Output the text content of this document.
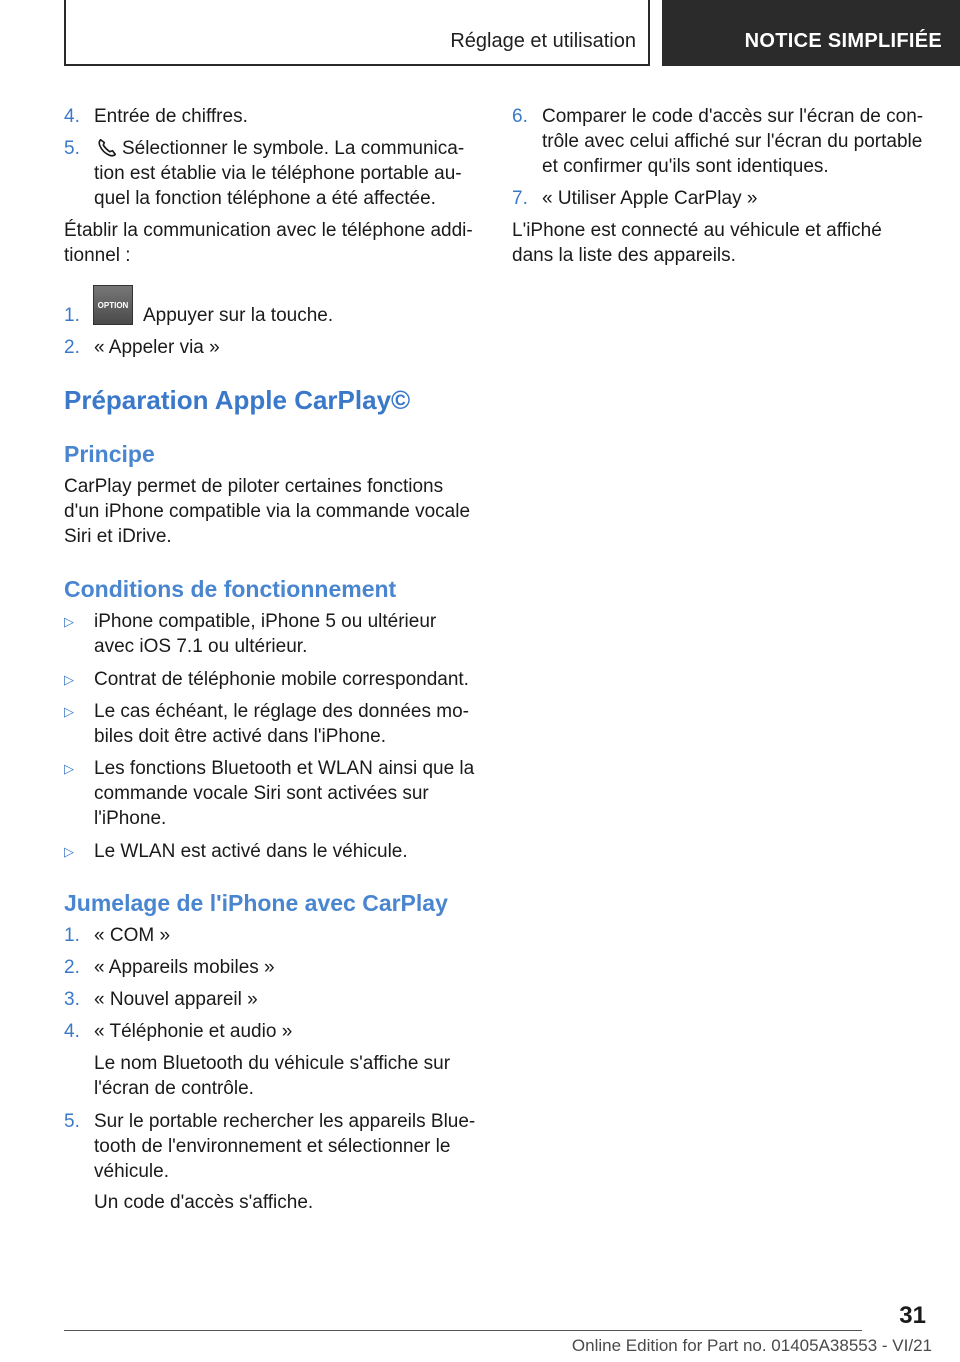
Réglage et utilisation	NOTICE SIMPLIFIÉE
4. Entrée de chiffres.
5. Sélectionner le symbole. La communica-
tion est établie via le téléphone portable au-
quel la fonction téléphone a été affectée.
Établir la communication avec le téléphone addi-
tionnel :
1.	OPTION Appuyer sur la touche.
2. « Appeler via »
Préparation Apple CarPlay©
Principe
CarPlay permet de piloter certaines fonctions
d'un iPhone compatible via la commande vocale
Siri et iDrive.
Conditions de fonctionnement
▷ iPhone compatible, iPhone 5 ou ultérieur
avec iOS 7.1 ou ultérieur.
▷ Contrat de téléphonie mobile correspondant.
▷ Le cas échéant, le réglage des données mo-
biles doit être activé dans l'iPhone.
▷ Les fonctions Bluetooth et WLAN ainsi que la
commande vocale Siri sont activées sur
l'iPhone.
▷ Le WLAN est activé dans le véhicule.
Jumelage de l'iPhone avec CarPlay
1. « COM »
2. « Appareils mobiles »
3. « Nouvel appareil »
4. « Téléphonie et audio »
Le nom Bluetooth du véhicule s'affiche sur
l'écran de contrôle.
5. Sur le portable rechercher les appareils Blue-
tooth de l'environnement et sélectionner le
véhicule.
Un code d'accès s'affiche.
6. Comparer le code d'accès sur l'écran de con-
trôle avec celui affiché sur l'écran du portable
et confirmer qu'ils sont identiques.
7. « Utiliser Apple CarPlay »
L'iPhone est connecté au véhicule et affiché
dans la liste des appareils.
31
Online Edition for Part no. 01405A38553 - VI/21
